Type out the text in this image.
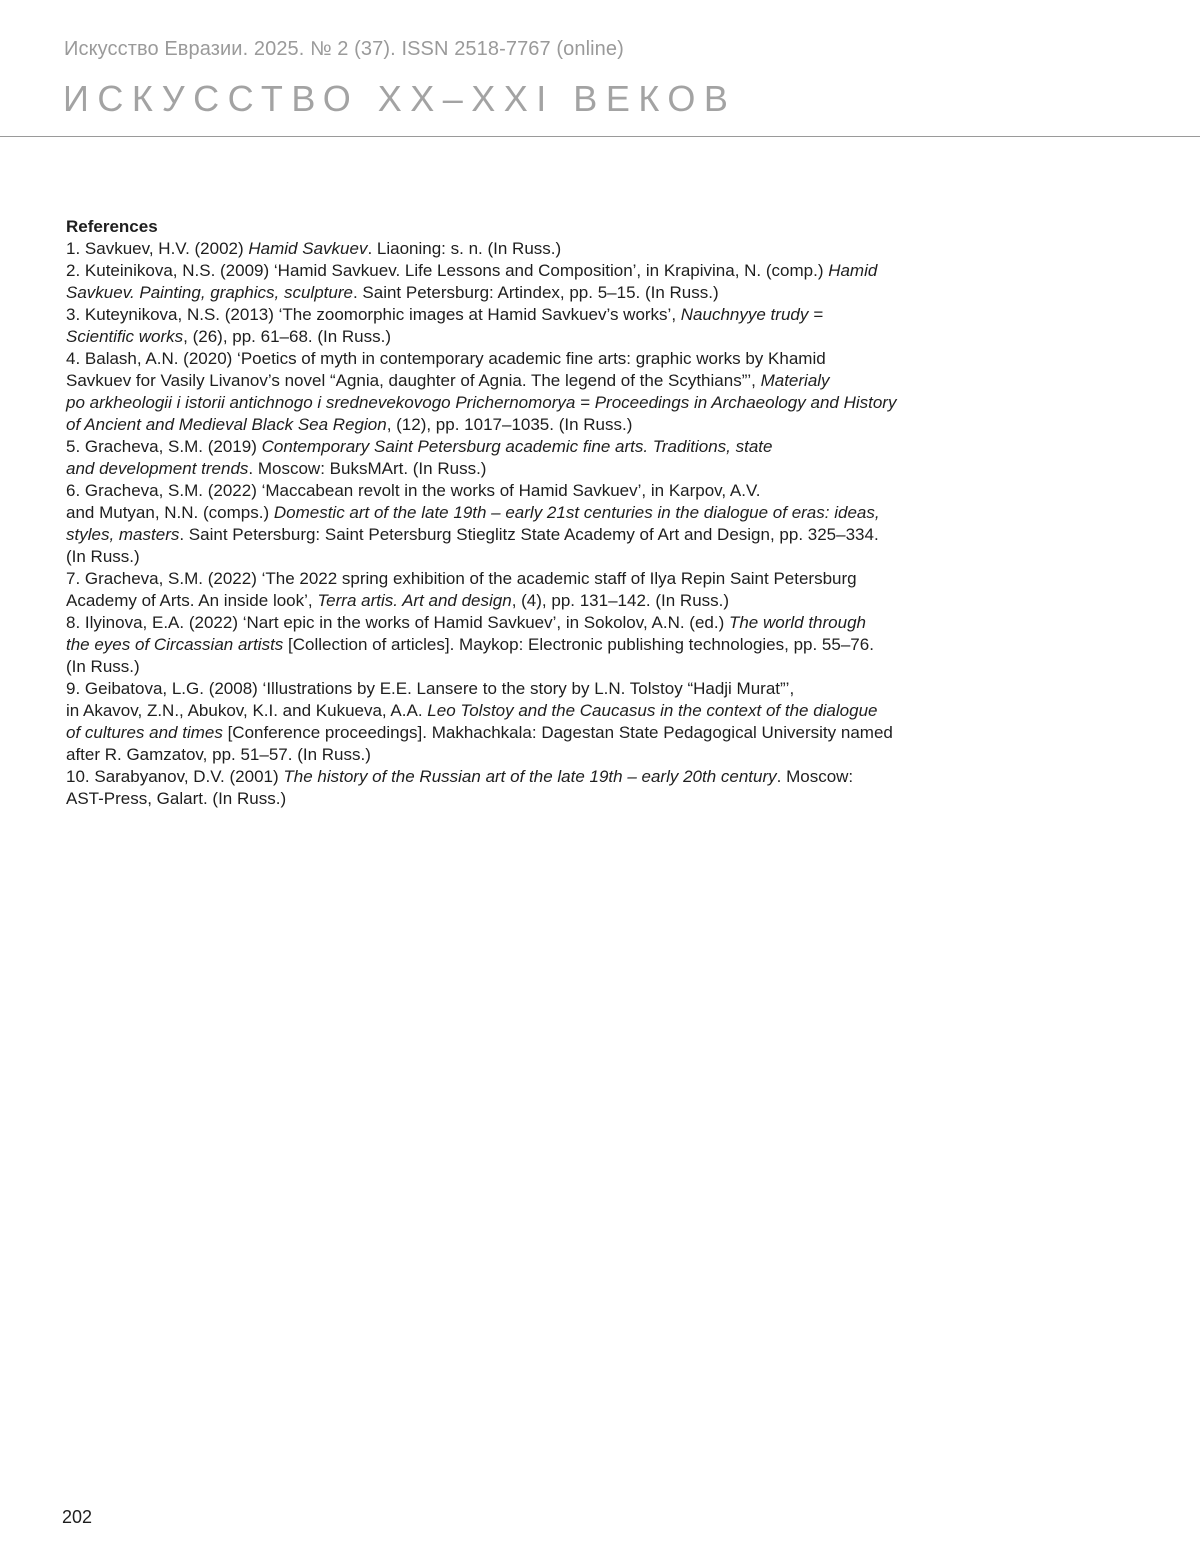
Искусство Евразии. 2025. № 2 (37). ISSN 2518-7767 (online)
ИСКУССТВО XX–XXI ВЕКОВ
References
1. Savkuev, H.V. (2002) Hamid Savkuev. Liaoning: s. n. (In Russ.)
2. Kuteinikova, N.S. (2009) ‘Hamid Savkuev. Life Lessons and Composition’, in Krapivina, N. (comp.) Hamid
Savkuev. Painting, graphics, sculpture. Saint Petersburg: Artindex, pp. 5–15. (In Russ.)
3. Kuteynikova, N.S. (2013) ‘The zoomorphic images at Hamid Savkuev’s works’, Nauchnyye trudy =
Scientific works, (26), pp. 61–68. (In Russ.)
4. Balash, A.N. (2020) ‘Poetics of myth in contemporary academic fine arts: graphic works by Khamid
Savkuev for Vasily Livanov’s novel “Agnia, daughter of Agnia. The legend of the Scythians”’, Materialy
po arkheologii i istorii antichnogo i srednevekovogo Prichernomorya = Proceedings in Archaeology and History
of Ancient and Medieval Black Sea Region, (12), pp. 1017–1035. (In Russ.)
5. Gracheva, S.M. (2019) Contemporary Saint Petersburg academic fine arts. Traditions, state
and development trends. Moscow: BuksMArt. (In Russ.)
6. Gracheva, S.M. (2022) ‘Maccabean revolt in the works of Hamid Savkuev’, in Karpov, A.V.
and Mutyan, N.N. (comps.) Domestic art of the late 19th – early 21st centuries in the dialogue of eras: ideas,
styles, masters. Saint Petersburg: Saint Petersburg Stieglitz State Academy of Art and Design, pp. 325–334.
(In Russ.)
7. Gracheva, S.M. (2022) ‘The 2022 spring exhibition of the academic staff of Ilya Repin Saint Petersburg
Academy of Arts. An inside look’, Terra artis. Art and design, (4), pp. 131–142. (In Russ.)
8. Ilyinova, E.A. (2022) ‘Nart epic in the works of Hamid Savkuev’, in Sokolov, A.N. (ed.) The world through
the eyes of Circassian artists [Collection of articles]. Maykop: Electronic publishing technologies, pp. 55–76.
(In Russ.)
9. Geibatova, L.G. (2008) ‘Illustrations by E.E. Lansere to the story by L.N. Tolstoy “Hadji Murat”’,
in Akavov, Z.N., Abukov, K.I. and Kukueva, A.A. Leo Tolstoy and the Caucasus in the context of the dialogue
of cultures and times [Conference proceedings]. Makhachkala: Dagestan State Pedagogical University named
after R. Gamzatov, pp. 51–57. (In Russ.)
10. Sarabyanov, D.V. (2001) The history of the Russian art of the late 19th – early 20th century. Moscow:
AST-Press, Galart. (In Russ.)
202
